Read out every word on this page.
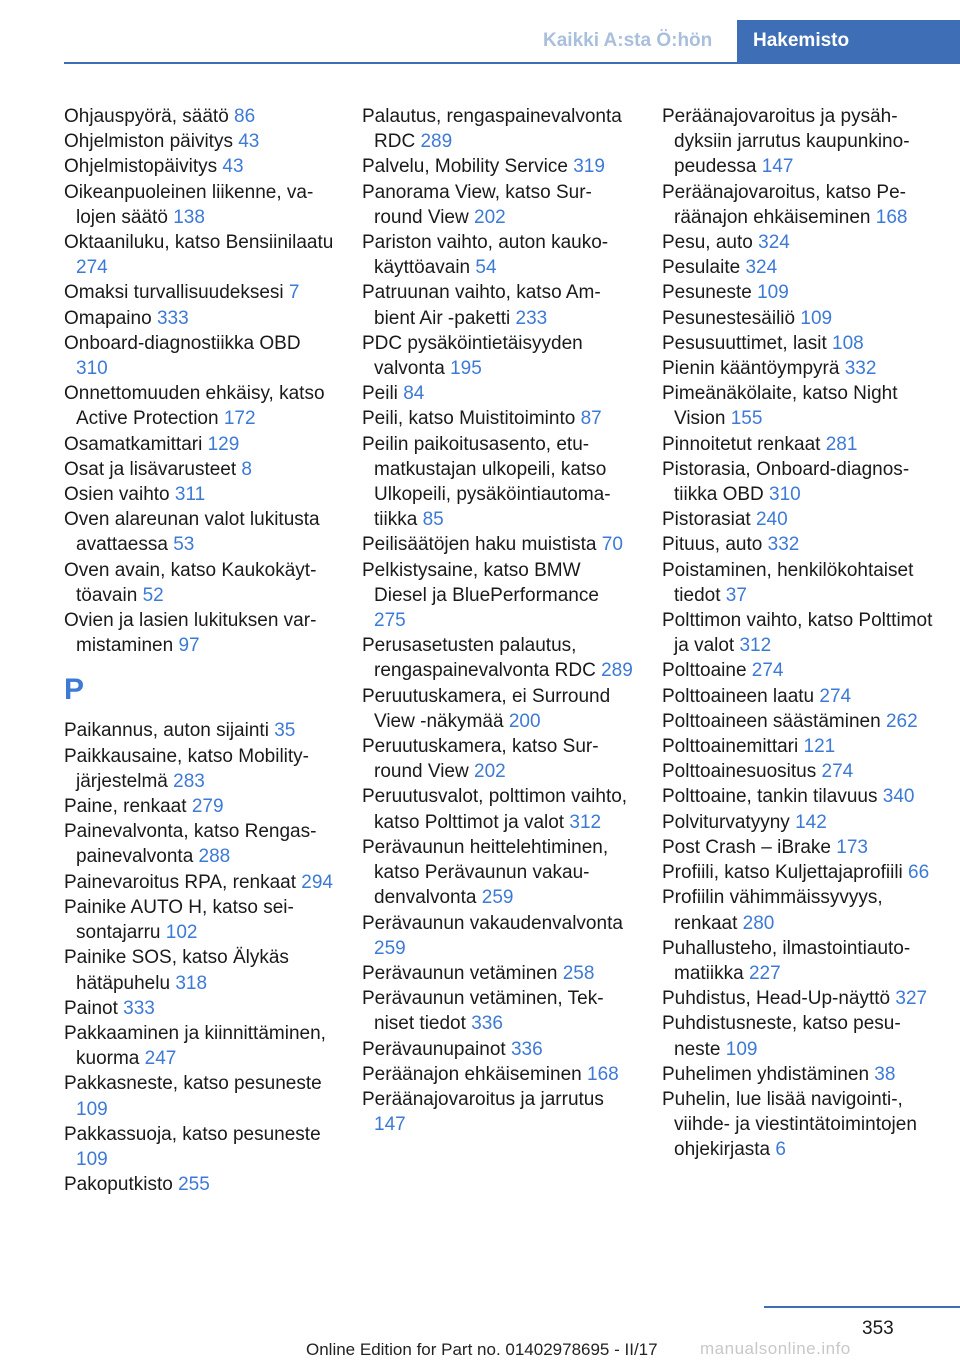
Kaikki A:sta Ö:hön	Hakemisto

Ohjauspyörä, säätö 86

Ohjelmiston päivitys 43

Ohjelmistopäivitys 43

Oikeanpuoleinen liikenne, valojen säätö 138

Oktaaniluku, katso Bensiinilaatu 274

Omaksi turvallisuudeksesi 7

Omapaino 333

Onboard-diagnostiikka OBD 310

Onnettomuuden ehkäisy, katso Active Protection 172

Osamatkamittari 129

Osat ja lisävarusteet 8

Osien vaihto 311

Oven alareunan valot lukitusta avattaessa 53

Oven avain, katso Kaukokäyttöavain 52

Ovien ja lasien lukituksen varmistaminen 97

P

Paikannus, auton sijainti 35

Paikkausaine, katso Mobility-järjestelmä 283

Paine, renkaat 279

Painevalvonta, katso Rengaspainevalvonta 288

Painevaroitus RPA, renkaat 294

Painike AUTO H, katso seisontajarru 102

Painike SOS, katso Älykäs hätäpuhelu 318

Painot 333

Pakkaaminen ja kiinnittäminen, kuorma 247

Pakkasneste, katso pesuneste 109

Pakkassuoja, katso pesuneste 109

Pakoputkisto 255

Palautus, rengaspainevalvonta RDC 289

Palvelu, Mobility Service 319

Panorama View, katso Surround View 202

Pariston vaihto, auton kaukokäyttöavain 54

Patruunan vaihto, katso Ambient Air -paketti 233

PDC pysäköintietäisyyden valvonta 195

Peili 84

Peili, katso Muistitoiminto 87

Peilin paikoitusasento, etumatkustajan ulkopeili, katso Ulkopeili, pysäköintiautomatiikka 85

Peilisäätöjen haku muistista 70

Pelkistysaine, katso BMW Diesel ja BluePerformance 275

Perusasetusten palautus, rengaspainevalvonta RDC 289

Peruutuskamera, ei Surround View -näkymää 200

Peruutuskamera, katso Surround View 202

Peruutusvalot, polttimon vaihto, katso Polttimot ja valot 312

Perävaunun heittelehtiminen, katso Perävaunun vakaudenvalvonta 259

Perävaunun vakaudenvalvonta 259

Perävaunun vetäminen 258

Perävaunun vetäminen, Tekniset tiedot 336

Perävaunupainot 336

Peräänajon ehkäiseminen 168

Peräänajovaroitus ja jarrutus 147

Peräänajovaroitus ja pysähdyksiin jarrutus kaupunkinopeudessa 147

Peräänajovaroitus, katso Peräänajon ehkäiseminen 168

Pesu, auto 324

Pesulaite 324

Pesuneste 109

Pesunestesäiliö 109

Pesusuuttimet, lasit 108

Pienin kääntöympyrä 332

Pimeänäkölaite, katso Night Vision 155

Pinnoitetut renkaat 281

Pistorasia, Onboard-diagnostiikka OBD 310

Pistorasiat 240

Pituus, auto 332

Poistaminen, henkilökohtaiset tiedot 37

Polttimon vaihto, katso Polttimot ja valot 312

Polttoaine 274

Polttoaineen laatu 274

Polttoaineen säästäminen 262

Polttoainemittari 121

Polttoainesuositus 274

Polttoaine, tankin tilavuus 340

Polviturvatyyny 142

Post Crash – iBrake 173

Profiili, katso Kuljettajaprofiili 66

Profiilin vähimmäissyvyys, renkaat 280

Puhallusteho, ilmastointiautomatiikka 227

Puhdistus, Head-Up-näyttö 327

Puhdistusneste, katso pesuneste 109

Puhelimen yhdistäminen 38

Puhelin, lue lisää navigointi-, viihde- ja viestintätoimintojen ohjekirjasta 6

353
Online Edition for Part no. 01402978695 - II/17 manualsonline.info
